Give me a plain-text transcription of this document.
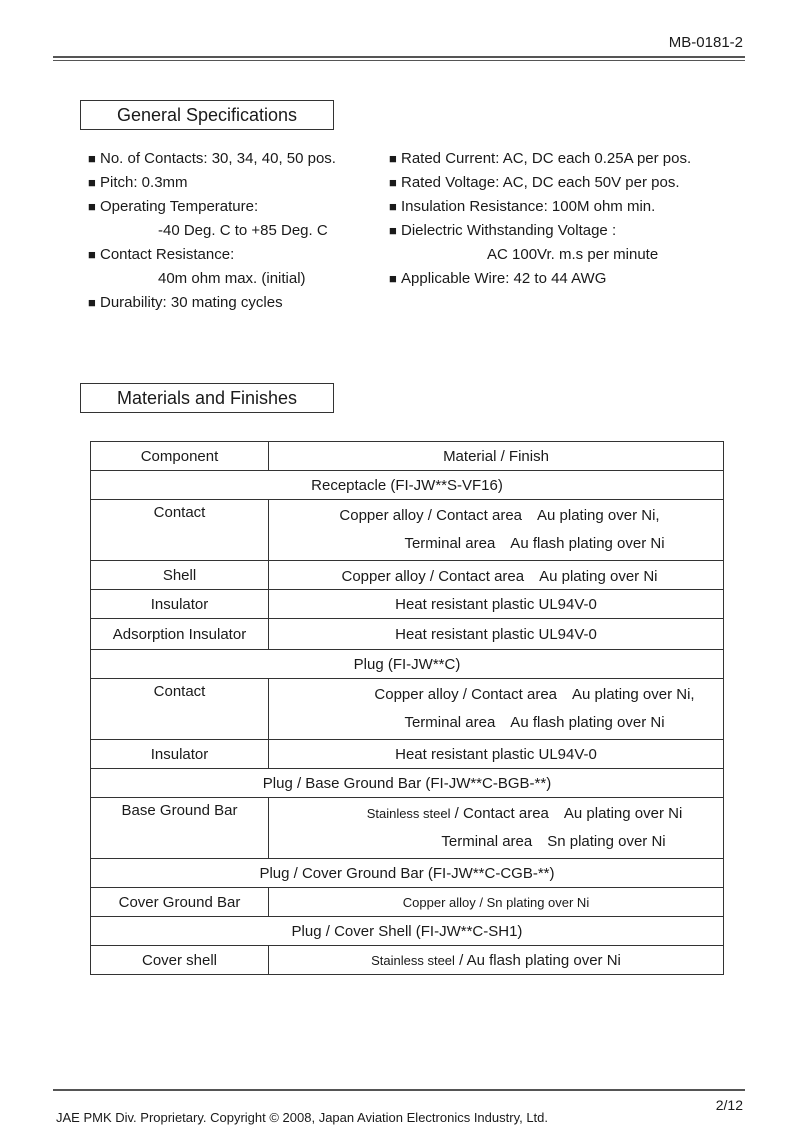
MB-0181-2
General Specifications
■ No. of Contacts: 30, 34, 40, 50 pos.
■ Pitch: 0.3mm
■ Operating Temperature:
-40 Deg. C to +85 Deg. C
■ Contact Resistance:
40m ohm max. (initial)
■ Durability: 30 mating cycles
■ Rated Current: AC, DC each 0.25A per pos.
■ Rated Voltage: AC, DC each 50V per pos.
■ Insulation Resistance: 100M ohm min.
■ Dielectric Withstanding Voltage :
AC 100Vr. m.s per minute
■ Applicable Wire: 42 to 44 AWG
Materials and Finishes
Component	Material / Finish
Receptacle (FI-JW**S-VF16)	
Contact	Copper alloy / Contact area　Au plating over Ni,
Terminal area　Au flash plating over Ni

Shell	Copper alloy / Contact area　Au plating over Ni
Insulator	Heat resistant plastic UL94V-0
Adsorption Insulator	Heat resistant plastic UL94V-0
Plug (FI-JW**C)	
Contact	Copper alloy / Contact area　Au plating over Ni,
Terminal area　Au flash plating over Ni

Insulator	Heat resistant plastic UL94V-0
Plug / Base Ground Bar (FI-JW**C-BGB-**)	
Base Ground Bar	Stainless steel / Contact area　Au plating over Ni
Terminal area　Sn plating over Ni

Plug / Cover Ground Bar (FI-JW**C-CGB-**)	
Cover Ground Bar	Copper alloy / Sn plating over Ni
Plug / Cover Shell (FI-JW**C-SH1)	
Cover shell	Stainless steel / Au flash plating over Ni
2/12
JAE PMK Div. Proprietary. Copyright © 2008, Japan Aviation Electronics Industry, Ltd.
